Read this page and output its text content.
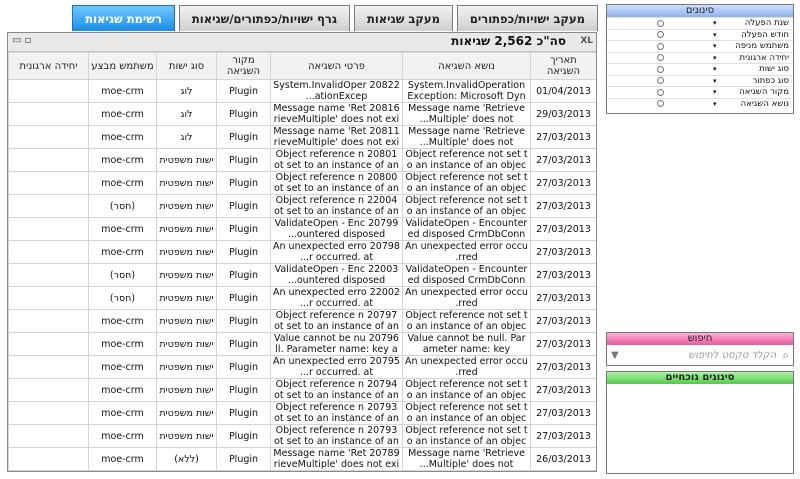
מעקב ישויות/כפתורים
מעקב שגיאות
גרף ישויות/כפתורים/שגיאות
רשימת שגיאות
▭ ▫	סה"כ 2,562 שגיאות XL
תאריך השגיאה	נושא השגיאה	פרטי השגיאה	מקור השגיאה	סוג ישות	משתמש מבצע	יחידה ארגונית
01/04/2013	System.InvalidOperationException: Microsoft Dyn	20822 System.InvalidOperationExcep...	Plugin	לוג	moe-crm	
29/03/2013	Message name 'RetrieveMultiple' does not...	20816 Message name 'RetrieveMultiple' does not exi	Plugin	לוג	moe-crm	
27/03/2013	Message name 'RetrieveMultiple' does not...	20811 Message name 'RetrieveMultiple' does not exi	Plugin	לוג	moe-crm	
27/03/2013	Object reference not set to an instance of an objec	20801 Object reference not set to an instance of an	Plugin	ישות משפטית	moe-crm	
27/03/2013	Object reference not set to an instance of an objec	20800 Object reference not set to an instance of an	Plugin	ישות משפטית	moe-crm	
27/03/2013	Object reference not set to an instance of an objec	22004 Object reference not set to an instance of an	Plugin	ישות משפטית	(חסר)	
27/03/2013	ValidateOpen - Encountered disposed CrmDbConn	20799 ValidateOpen - Encountered disposed...	Plugin	ישות משפטית	moe-crm	
27/03/2013	An unexpected error occurred.	20798 An unexpected error occurred. at...	Plugin	ישות משפטית	moe-crm	
27/03/2013	ValidateOpen - Encountered disposed CrmDbConn	22003 ValidateOpen - Encountered disposed...	Plugin	ישות משפטית	(חסר)	
27/03/2013	An unexpected error occurred.	22002 An unexpected error occurred. at...	Plugin	ישות משפטית	(חסר)	
27/03/2013	Object reference not set to an instance of an objec	20797 Object reference not set to an instance of an	Plugin	ישות משפטית	moe-crm	
27/03/2013	Value cannot be null. Parameter name: key	20796 Value cannot be null. Parameter name: key a	Plugin	ישות משפטית	moe-crm	
27/03/2013	An unexpected error occurred.	20795 An unexpected error occurred. at...	Plugin	ישות משפטית	moe-crm	
27/03/2013	Object reference not set to an instance of an objec	20794 Object reference not set to an instance of an	Plugin	ישות משפטית	moe-crm	
27/03/2013	Object reference not set to an instance of an objec	20793 Object reference not set to an instance of an	Plugin	ישות משפטית	moe-crm	
27/03/2013	Object reference not set to an instance of an objec	20793 Object reference not set to an instance of an	Plugin	ישות משפטית	moe-crm	
26/03/2013	Message name 'RetrieveMultiple' does not...	20789 Message name 'RetrieveMultiple' does not exi	Plugin	(ללא)	moe-crm	
סינונים
שנת הפעלה
▾
חודש הפעלה
▾
משתמש מניפה
▾
יחידה ארגונית
▾
סוג ישות
▾
סוג כפתור
▾
מקור השגיאה
▾
נושא השגיאה
▾
חיפוש
⌕
הקלד טקסט לחיפוש
▼
סינונים נוכחיים
